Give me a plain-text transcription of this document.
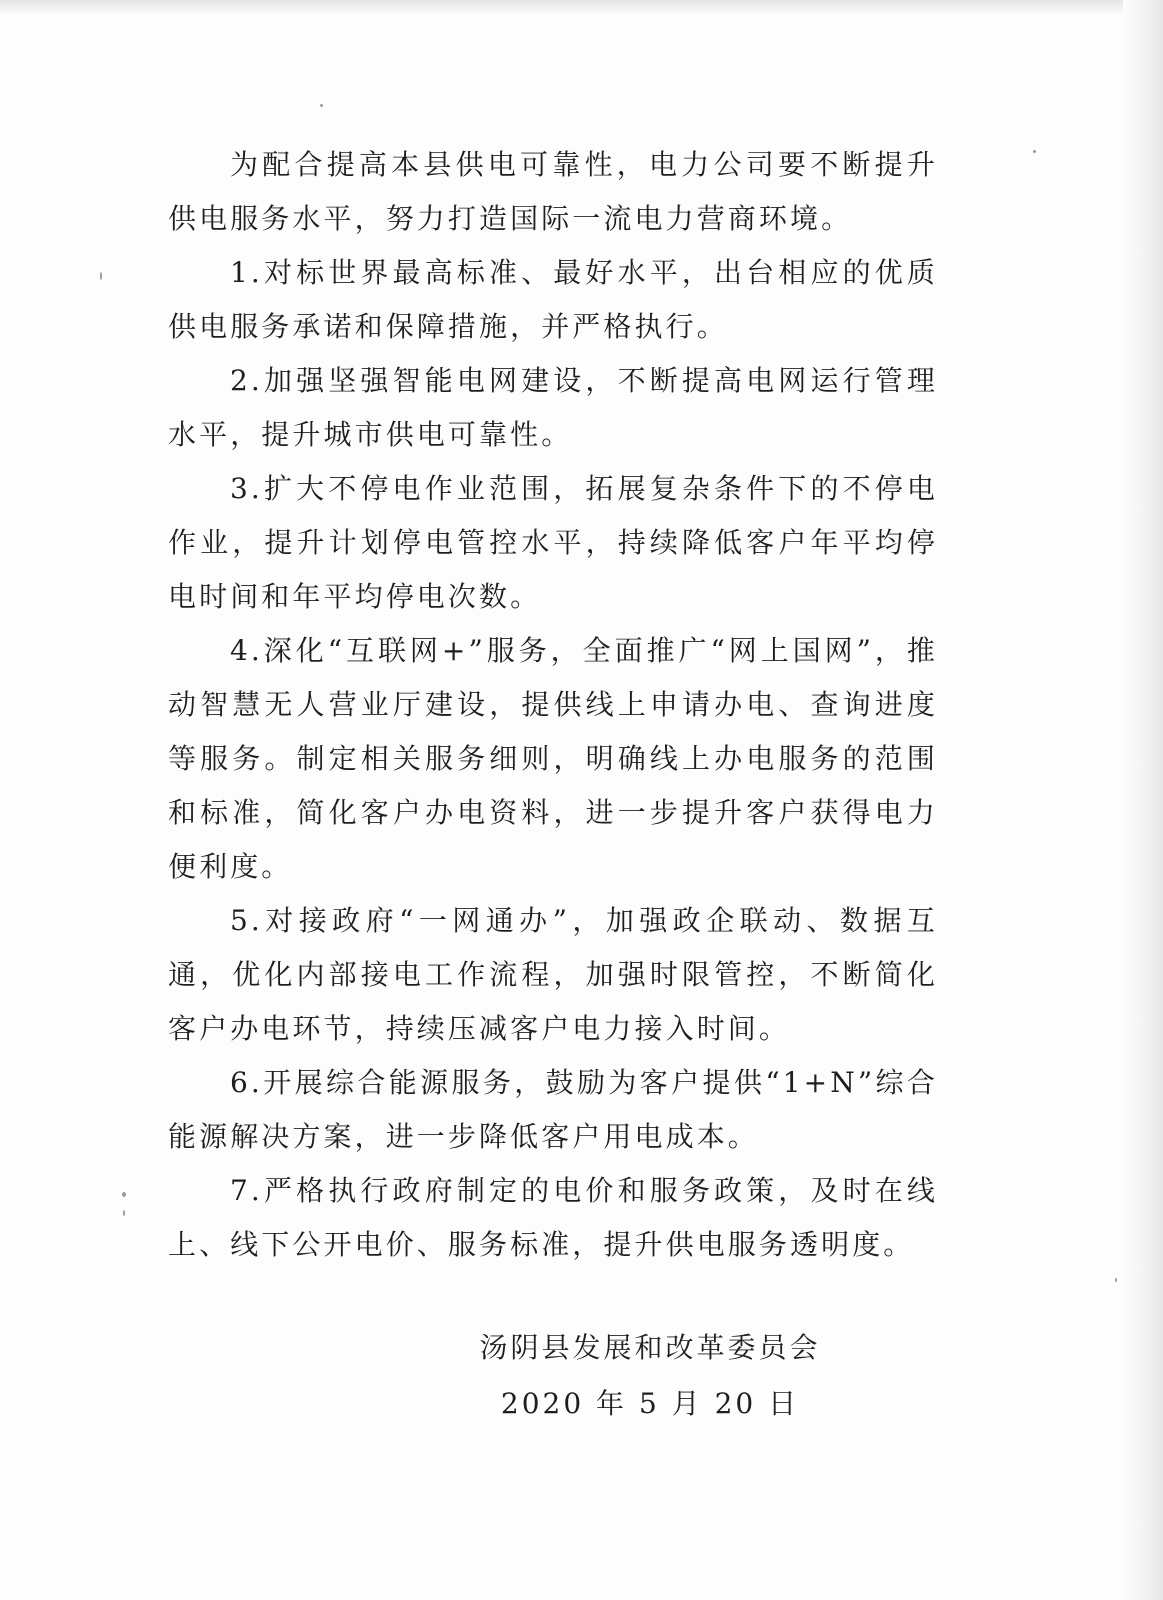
为配合提高本县供电可靠性，电力公司要不断提升供电服务水平，努力打造国际一流电力营商环境。

1.对标世界最高标准、最好水平，出台相应的优质供电服务承诺和保障措施，并严格执行。

2.加强坚强智能电网建设，不断提高电网运行管理水平，提升城市供电可靠性。

3.扩大不停电作业范围，拓展复杂条件下的不停电作业，提升计划停电管控水平，持续降低客户年平均停电时间和年平均停电次数。

4.深化“互联网+”服务，全面推广“网上国网”，推动智慧无人营业厅建设，提供线上申请办电、查询进度等服务。制定相关服务细则，明确线上办电服务的范围和标准，简化客户办电资料，进一步提升客户获得电力便利度。

5.对接政府“一网通办”，加强政企联动、数据互通，优化内部接电工作流程，加强时限管控，不断简化客户办电环节，持续压减客户电力接入时间。

6.开展综合能源服务，鼓励为客户提供“1+N”综合能源解决方案，进一步降低客户用电成本。

7.严格执行政府制定的电价和服务政策，及时在线上、线下公开电价、服务标准，提升供电服务透明度。

汤阴县发展和改革委员会
2020 年 5 月 20 日
